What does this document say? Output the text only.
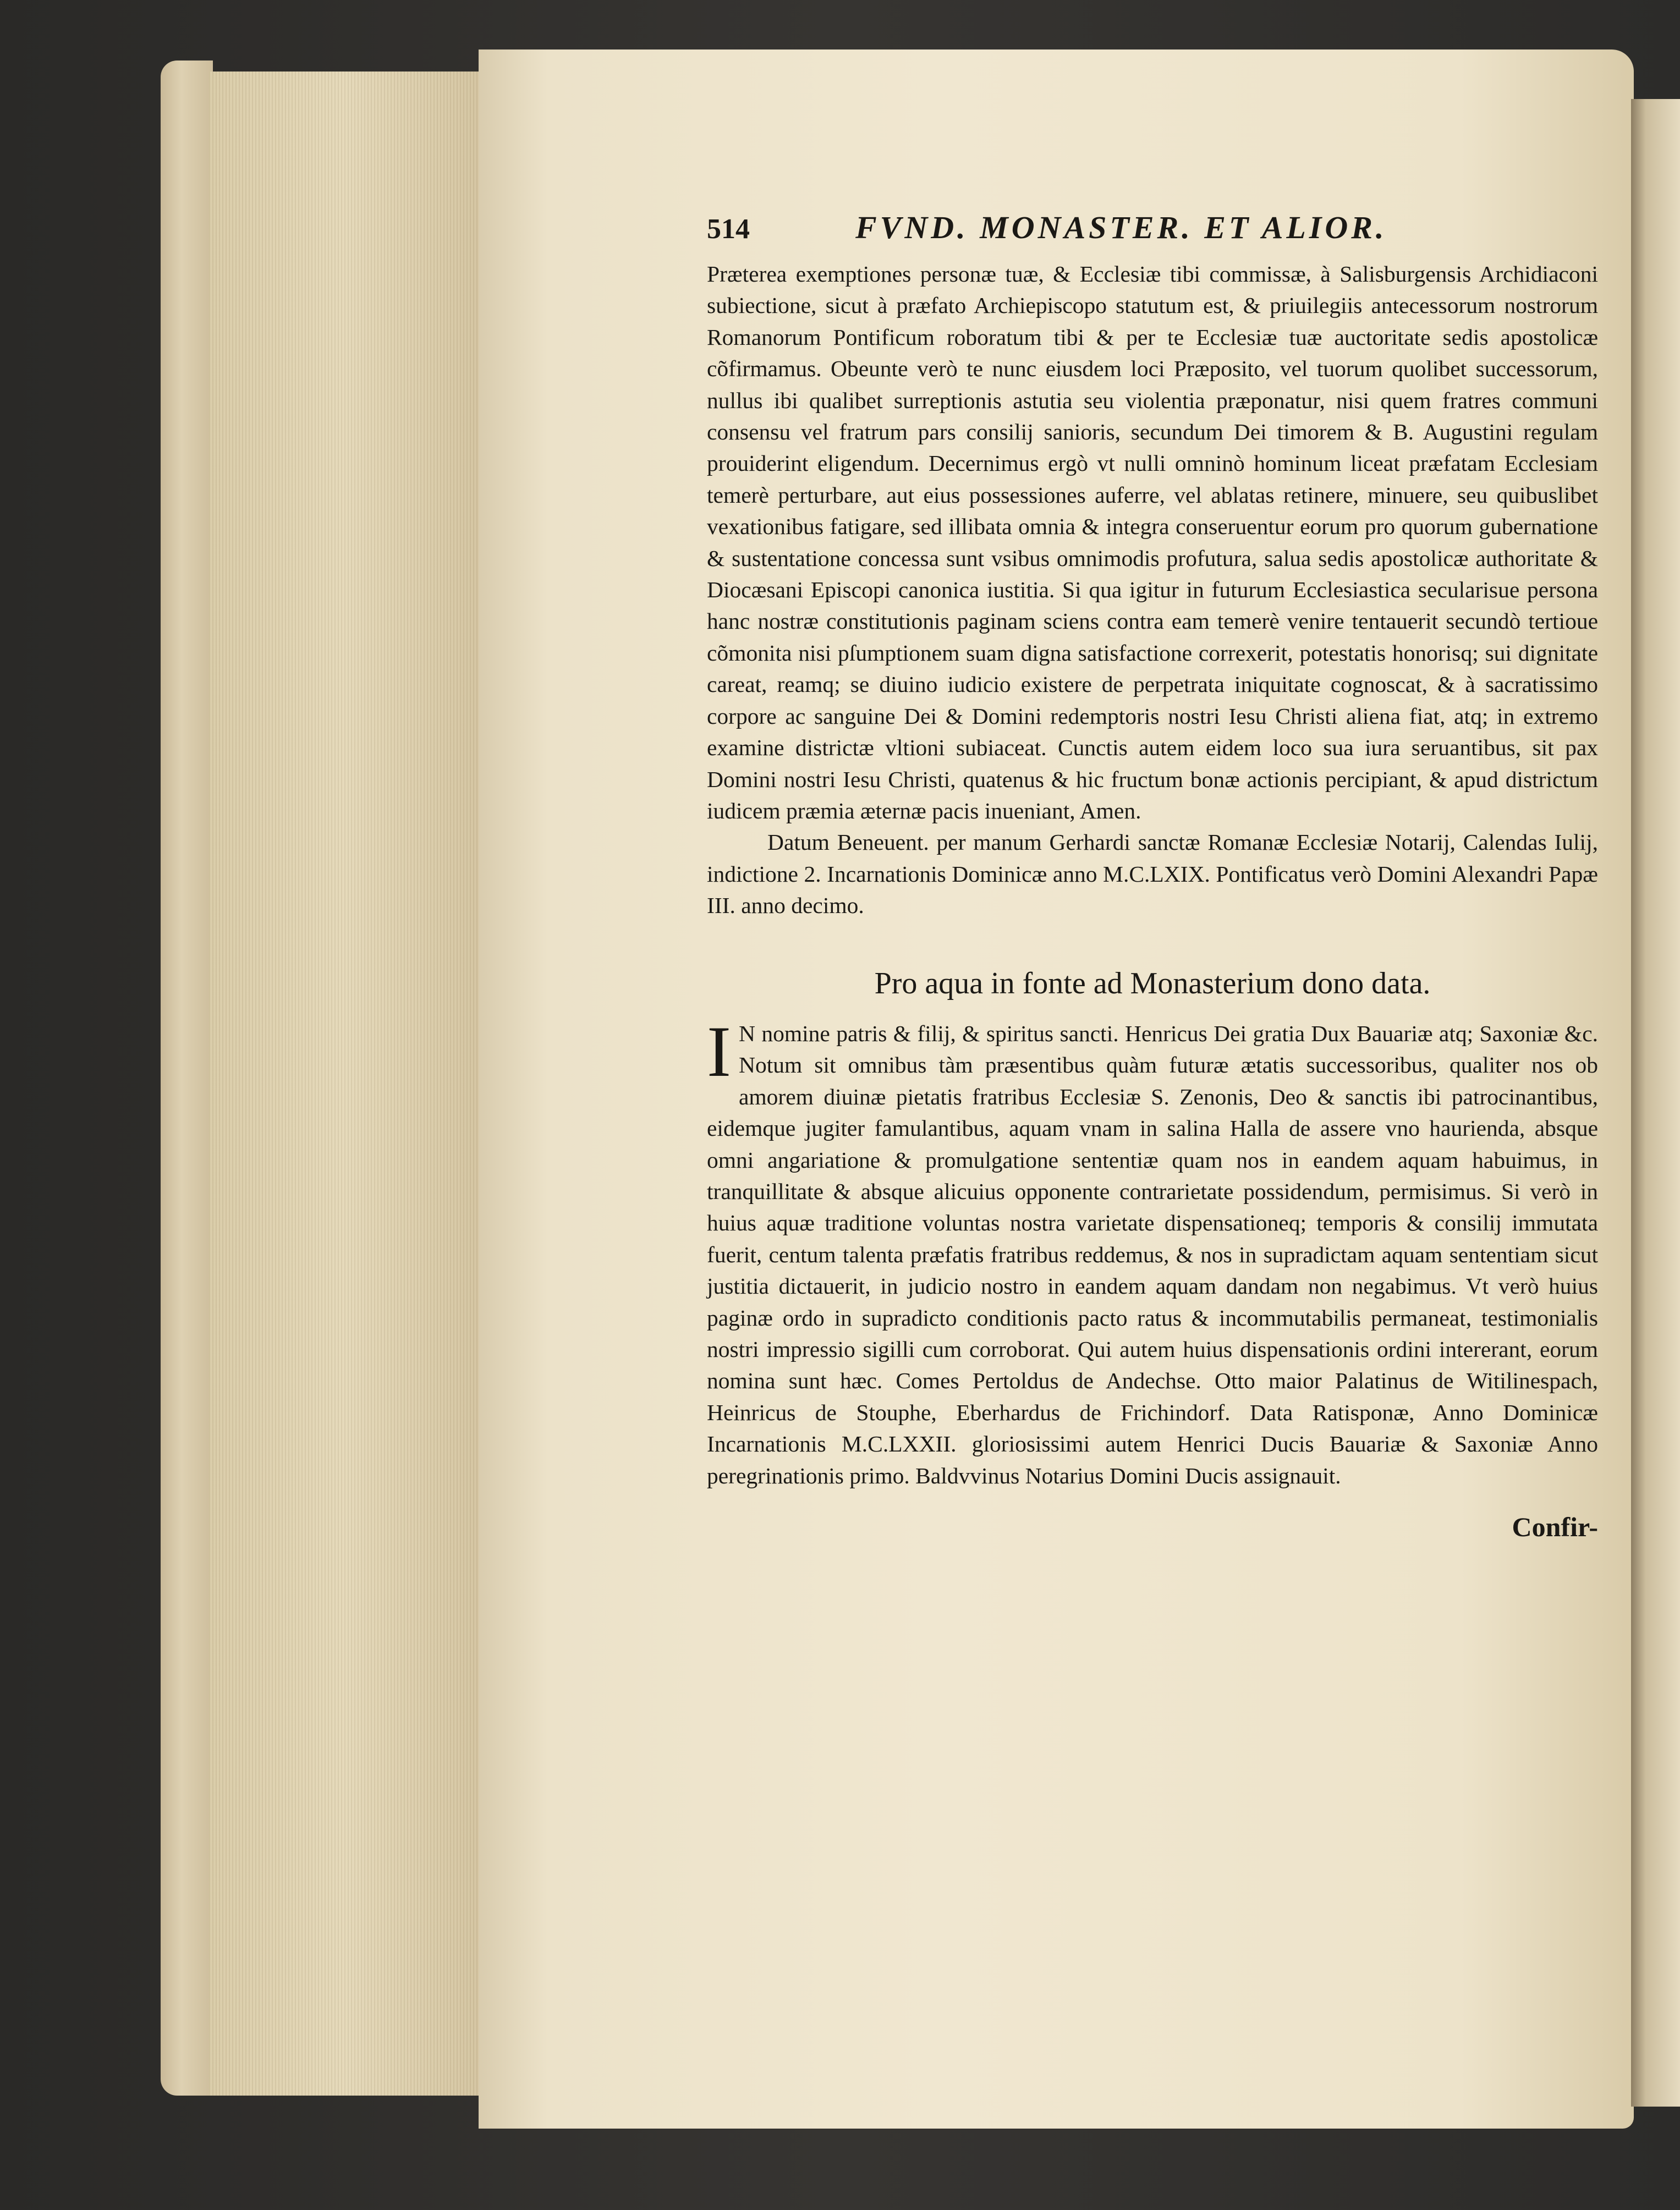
514	FVND. MONASTER. ET ALIOR.

Præterea exemptiones personæ tuæ, & Ecclesiæ tibi commissæ, à Salisburgensis Archidiaconi subiectione, sicut à præfato Archiepiscopo statutum est, & priuilegiis antecessorum nostrorum Romanorum Pontificum roboratum tibi & per te Ecclesiæ tuæ auctoritate sedis apostolicæ cõfirmamus. Obeunte verò te nunc eiusdem loci Præposito, vel tuorum quolibet successorum, nullus ibi qualibet surreptionis astutia seu violentia præponatur, nisi quem fratres communi consensu vel fratrum pars consilij sanioris, secundum Dei timorem & B. Augustini regulam prouiderint eligendum. Decernimus ergò vt nulli omninò hominum liceat præfatam Ecclesiam temerè perturbare, aut eius possessiones auferre, vel ablatas retinere, minuere, seu quibuslibet vexationibus fatigare, sed illibata omnia & integra conseruentur eorum pro quorum gubernatione & sustentatione concessa sunt vsibus omnimodis profutura, salua sedis apostolicæ authoritate & Diocæsani Episcopi canonica iustitia. Si qua igitur in futurum Ecclesiastica secularisue persona hanc nostræ constitutionis paginam sciens contra eam temerè venire tentauerit secundò tertioue cõmonita nisi pſumptionem suam digna satisfactione correxerit, potestatis honorisq; sui dignitate careat, reamq; se diuino iudicio existere de perpetrata iniquitate cognoscat, & à sacratissimo corpore ac sanguine Dei & Domini redemptoris nostri Iesu Christi aliena fiat, atq; in extremo examine districtæ vltioni subiaceat. Cunctis autem eidem loco sua iura seruantibus, sit pax Domini nostri Iesu Christi, quatenus & hic fructum bonæ actionis percipiant, & apud districtum iudicem præmia æternæ pacis inueniant, Amen.

Datum Beneuent. per manum Gerhardi sanctæ Romanæ Ecclesiæ Notarij, Calendas Iulij, indictione 2. Incarnationis Dominicæ anno M.C.LXIX. Pontificatus verò Domini Alexandri Papæ III. anno decimo.

Pro aqua in fonte ad Monasterium dono data.

IN nomine patris & filij, & spiritus sancti. Henricus Dei gratia Dux Bauariæ atq; Saxoniæ &c. Notum sit omnibus tàm præsentibus quàm futuræ ætatis successoribus, qualiter nos ob amorem diuinæ pietatis fratribus Ecclesiæ S. Zenonis, Deo & sanctis ibi patrocinantibus, eidemque jugiter famulantibus, aquam vnam in salina Halla de assere vno haurienda, absque omni angariatione & promulgatione sententiæ quam nos in eandem aquam habuimus, in tranquillitate & absque alicuius opponente contrarietate possidendum, permisimus. Si verò in huius aquæ traditione voluntas nostra varietate dispensationeq; temporis & consilij immutata fuerit, centum talenta præfatis fratribus reddemus, & nos in supradictam aquam sententiam sicut justitia dictauerit, in judicio nostro in eandem aquam dandam non negabimus. Vt verò huius paginæ ordo in supradicto conditionis pacto ratus & incommutabilis permaneat, testimonialis nostri impressio sigilli cum corroborat. Qui autem huius dispensationis ordini intererant, eorum nomina sunt hæc. Comes Pertoldus de Andechse. Otto maior Palatinus de Witilinespach, Heinricus de Stouphe, Eberhardus de Frichindorf. Data Ratisponæ, Anno Dominicæ Incarnationis M.C.LXXII. gloriosissimi autem Henrici Ducis Bauariæ & Saxoniæ Anno peregrinationis primo. Baldvvinus Notarius Domini Ducis assignauit.

Confir-
